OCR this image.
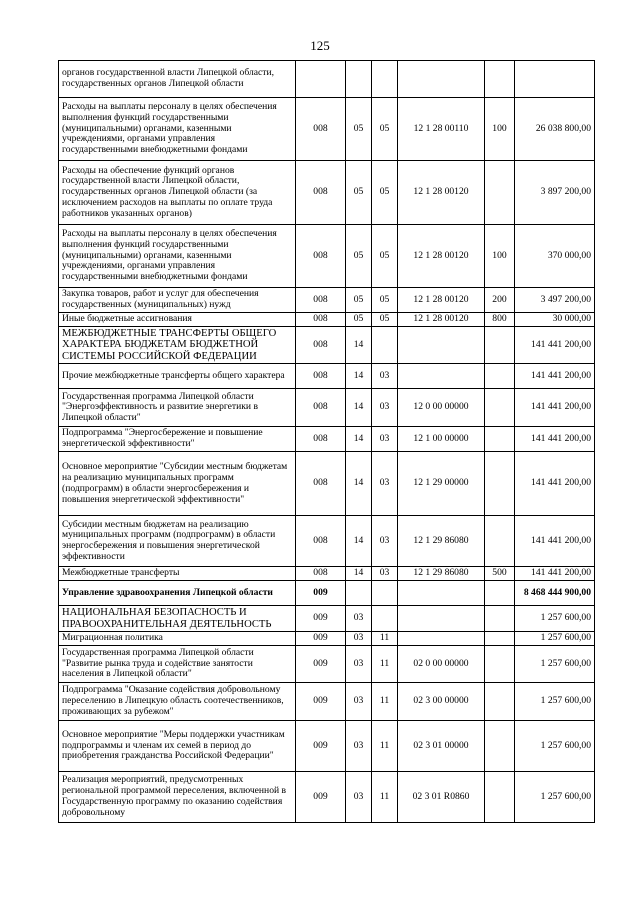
125
органов государственной власти Липецкой области, государственных органов Липецкой области						
Расходы на выплаты персоналу в целях обеспечения выполнения функций государственными (муниципальными) органами, казенными учреждениями, органами управления государственными внебюджетными фондами	008	05	05	12 1 28 00110	100	26 038 800,00
Расходы на обеспечение функций органов государственной власти Липецкой области, государственных органов Липецкой области (за исключением расходов на выплаты по оплате труда работников указанных органов)	008	05	05	12 1 28 00120		3 897 200,00
Расходы на выплаты персоналу в целях обеспечения выполнения функций государственными (муниципальными) органами, казенными учреждениями, органами управления государственными внебюджетными фондами	008	05	05	12 1 28 00120	100	370 000,00
Закупка товаров, работ и услуг для обеспечения государственных (муниципальных) нужд	008	05	05	12 1 28 00120	200	3 497 200,00
Иные бюджетные ассигнования	008	05	05	12 1 28 00120	800	30 000,00
МЕЖБЮДЖЕТНЫЕ ТРАНСФЕРТЫ ОБЩЕГО ХАРАКТЕРА БЮДЖЕТАМ БЮДЖЕТНОЙ СИСТЕМЫ РОССИЙСКОЙ ФЕДЕРАЦИИ	008	14				141 441 200,00
Прочие межбюджетные трансферты общего характера	008	14	03			141 441 200,00
Государственная программа Липецкой области "Энергоэффективность и развитие энергетики в Липецкой области"	008	14	03	12 0 00 00000		141 441 200,00
Подпрограмма "Энергосбережение и повышение энергетической эффективности"	008	14	03	12 1 00 00000		141 441 200,00
Основное мероприятие "Субсидии местным бюджетам на реализацию муниципальных программ (подпрограмм) в области энергосбережения и повышения энергетической эффективности"	008	14	03	12 1 29 00000		141 441 200,00
Субсидии местным бюджетам на реализацию муниципальных программ (подпрограмм) в области энергосбережения и повышения энергетической эффективности	008	14	03	12 1 29 86080		141 441 200,00
Межбюджетные трансферты	008	14	03	12 1 29 86080	500	141 441 200,00
Управление здравоохранения Липецкой области	009					8 468 444 900,00
НАЦИОНАЛЬНАЯ БЕЗОПАСНОСТЬ И ПРАВООХРАНИТЕЛЬНАЯ ДЕЯТЕЛЬНОСТЬ	009	03				1 257 600,00
Миграционная политика	009	03	11			1 257 600,00
Государственная программа Липецкой области "Развитие рынка труда и содействие занятости населения в Липецкой области"	009	03	11	02 0 00 00000		1 257 600,00
Подпрограмма "Оказание содействия добровольному переселению в Липецкую область соотечественников, проживающих за рубежом"	009	03	11	02 3 00 00000		1 257 600,00
Основное мероприятие "Меры поддержки участникам подпрограммы и членам их семей в период до приобретения гражданства Российской Федерации"	009	03	11	02 3 01 00000		1 257 600,00
Реализация мероприятий, предусмотренных региональной программой переселения, включенной в Государственную программу по оказанию содействия добровольному	009	03	11	02 3 01 R0860		1 257 600,00
